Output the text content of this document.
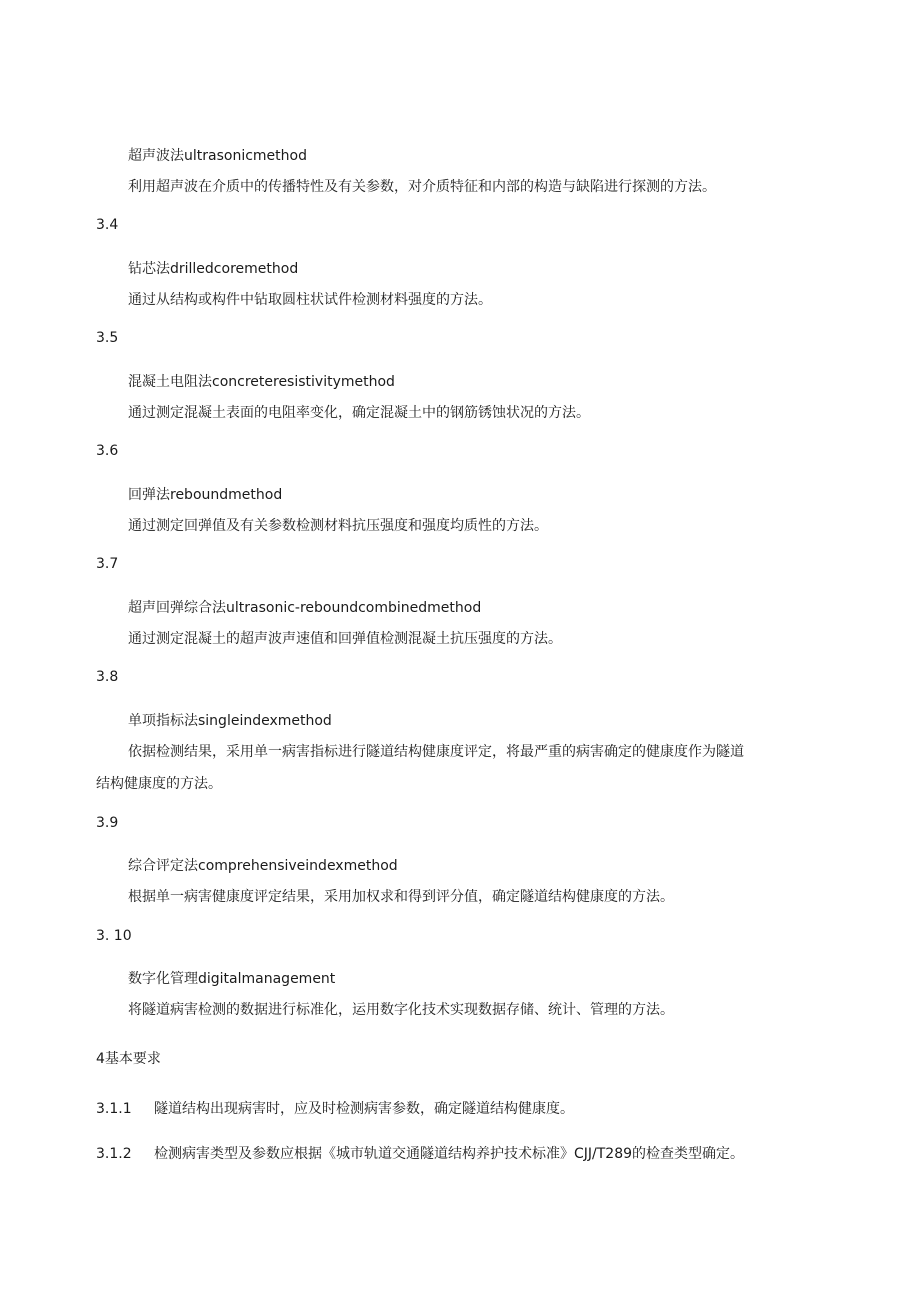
超声波法ultrasonicmethod
利用超声波在介质中的传播特性及有关参数，对介质特征和内部的构造与缺陷进行探测的方法。
3.4
钻芯法drilledcoremethod
通过从结构或构件中钻取圆柱状试件检测材料强度的方法。
3.5
混凝土电阻法concreteresistivitymethod
通过测定混凝土表面的电阻率变化，确定混凝土中的钢筋锈蚀状况的方法。
3.6
回弹法reboundmethod
通过测定回弹值及有关参数检测材料抗压强度和强度均质性的方法。
3.7
超声回弹综合法ultrasonic-reboundcombinedmethod
通过测定混凝土的超声波声速值和回弹值检测混凝土抗压强度的方法。
3.8
单项指标法singleindexmethod
依据检测结果，采用单一病害指标进行隧道结构健康度评定，将最严重的病害确定的健康度作为隧道
结构健康度的方法。
3.9
综合评定法comprehensiveindexmethod
根据单一病害健康度评定结果，采用加权求和得到评分值，确定隧道结构健康度的方法。
3. 10
数字化管理digitalmanagement
将隧道病害检测的数据进行标准化，运用数字化技术实现数据存储、统计、管理的方法。
4基本要求
3.1.1 隧道结构出现病害时，应及时检测病害参数，确定隧道结构健康度。
3.1.2 检测病害类型及参数应根据《城市轨道交通隧道结构养护技术标准》CJJ/T289的检查类型确定。
